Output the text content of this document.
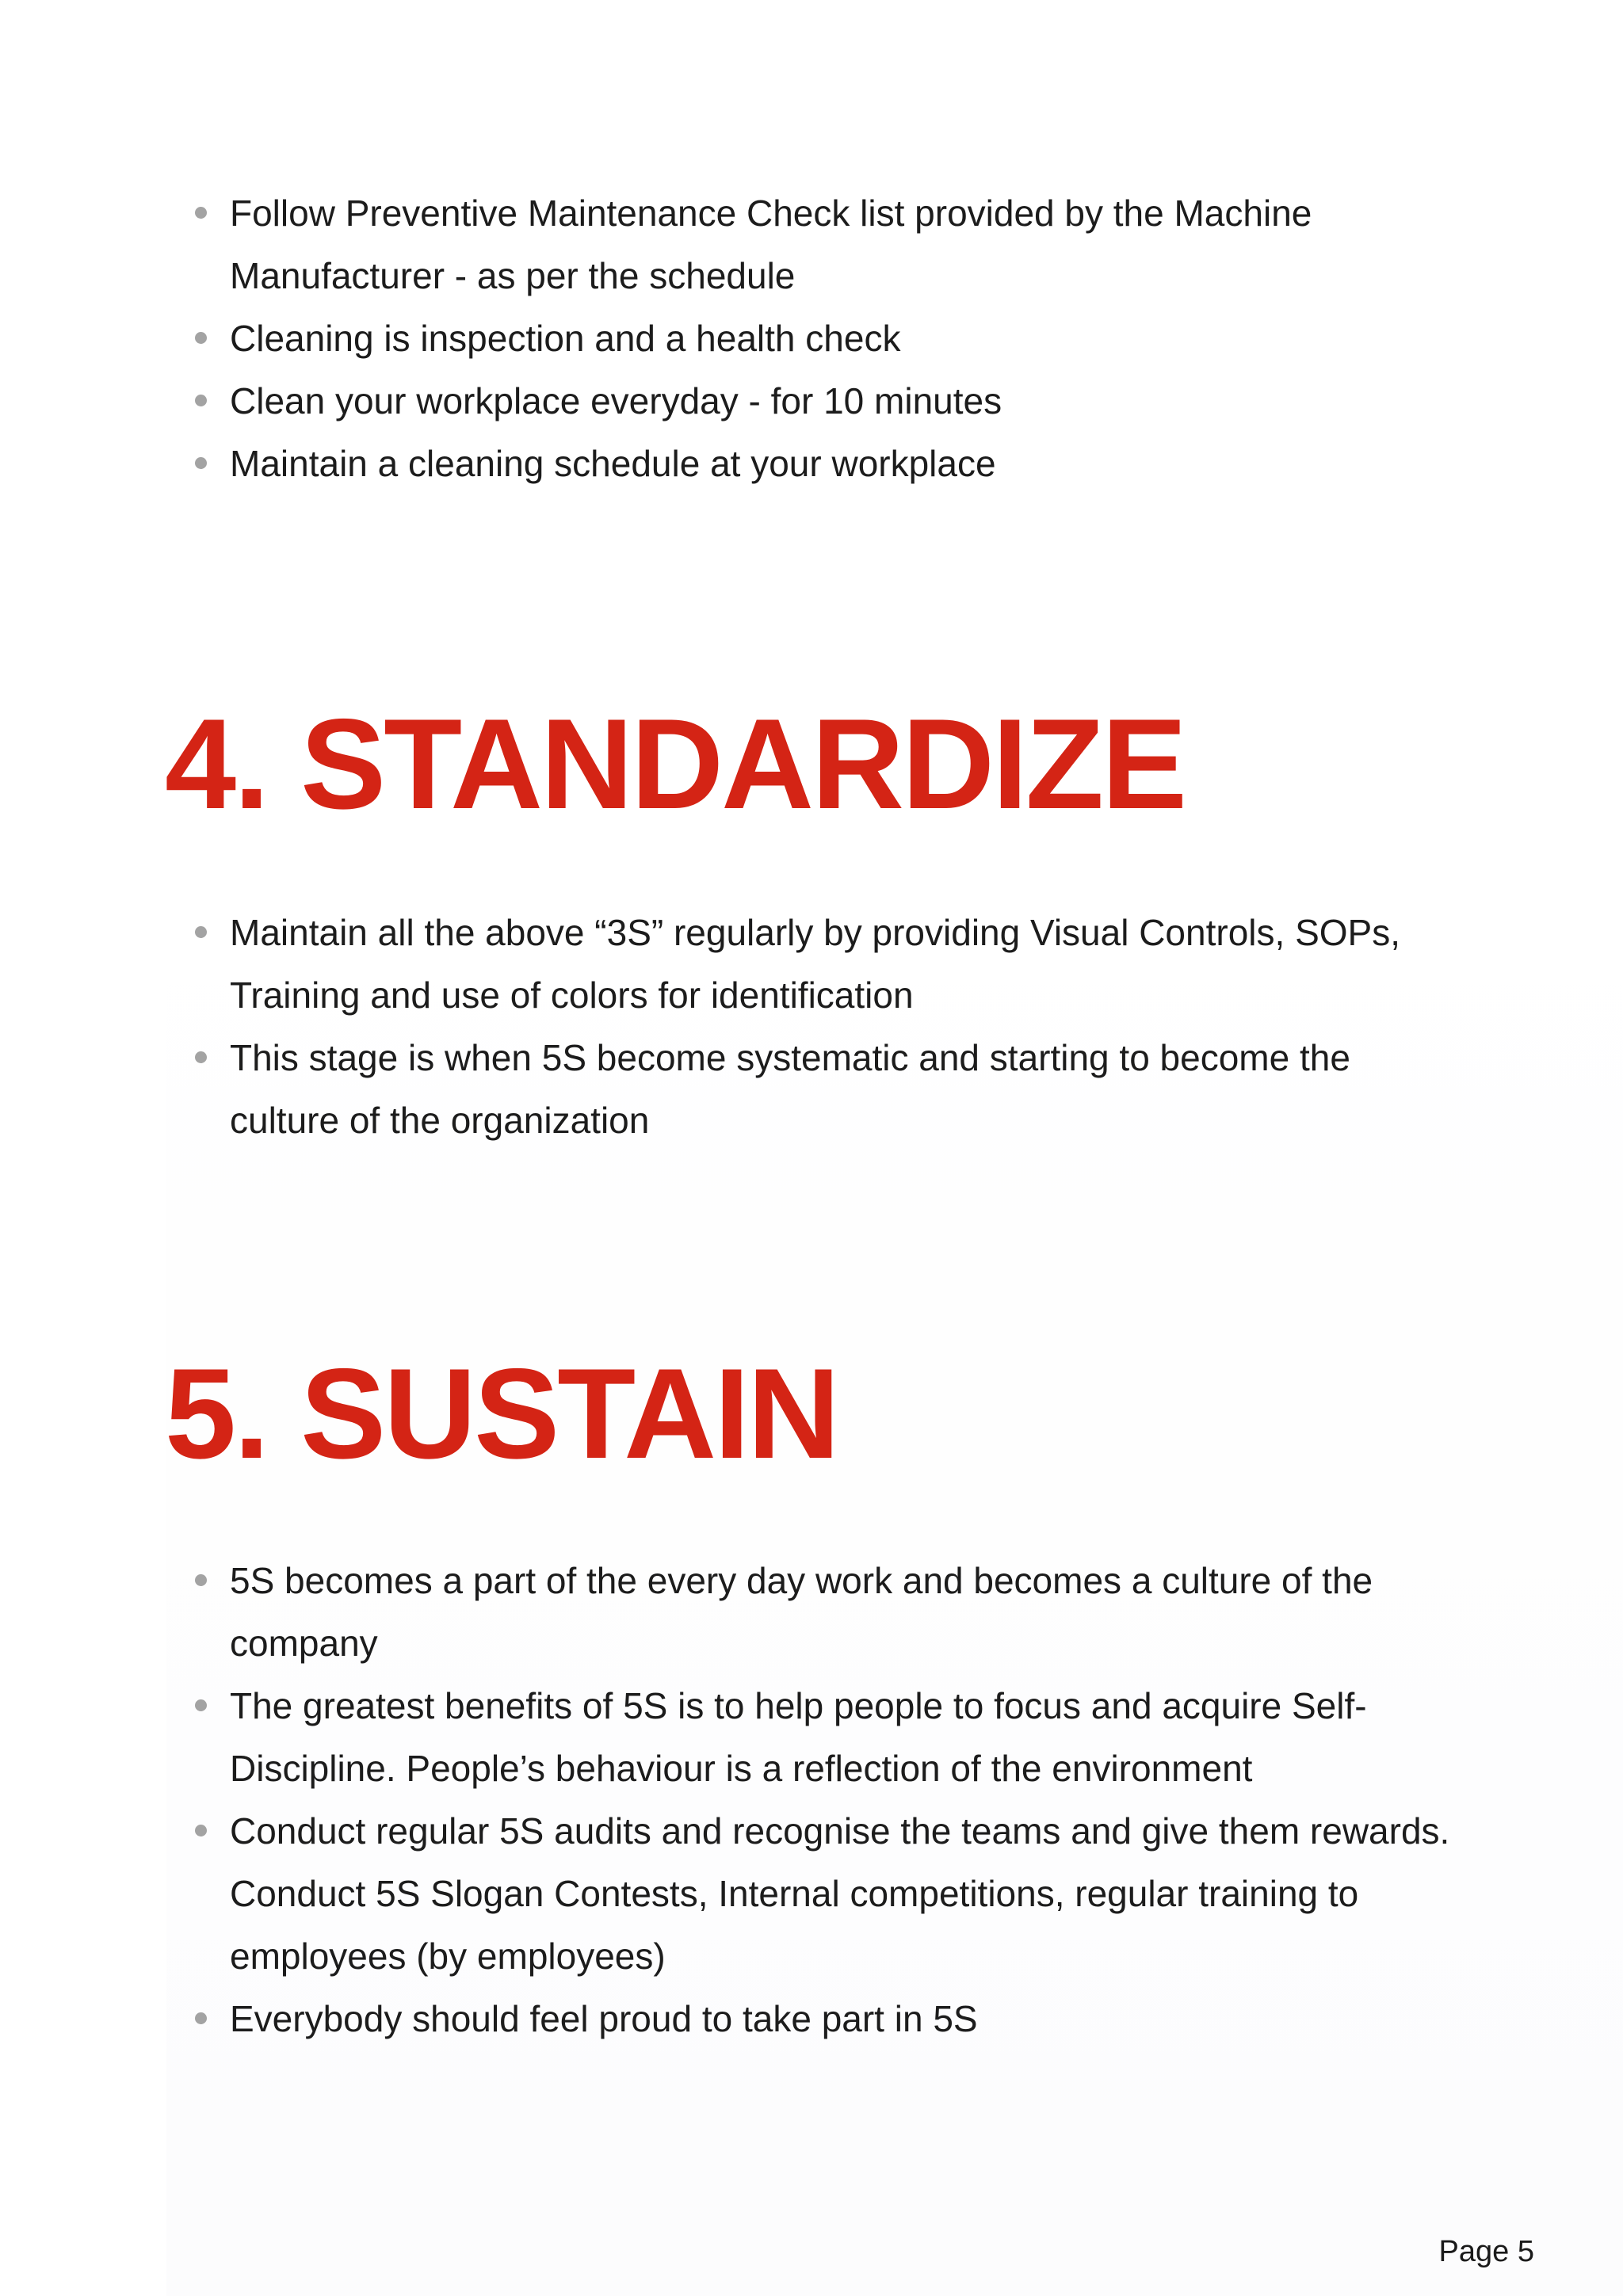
Follow Preventive Maintenance Check list provided by the Machine Manufacturer - as per the schedule
Cleaning is inspection and a health check
Clean your workplace everyday - for 10 minutes
Maintain a cleaning schedule at your workplace
4. STANDARDIZE
Maintain all the above “3S” regularly by providing Visual Controls, SOPs, Training and use of colors for identification
This stage is when 5S become systematic and starting to become the culture of the organization
5. SUSTAIN
5S becomes a part of the every day work and becomes a culture of the company
The greatest benefits of 5S is to help people to focus and acquire Self-Discipline. People’s behaviour is a reflection of the environment
Conduct regular 5S audits and recognise the teams and give them rewards. Conduct 5S Slogan Contests, Internal competitions, regular training to employees (by employees)
Everybody should feel proud to take part in 5S
Page 5
